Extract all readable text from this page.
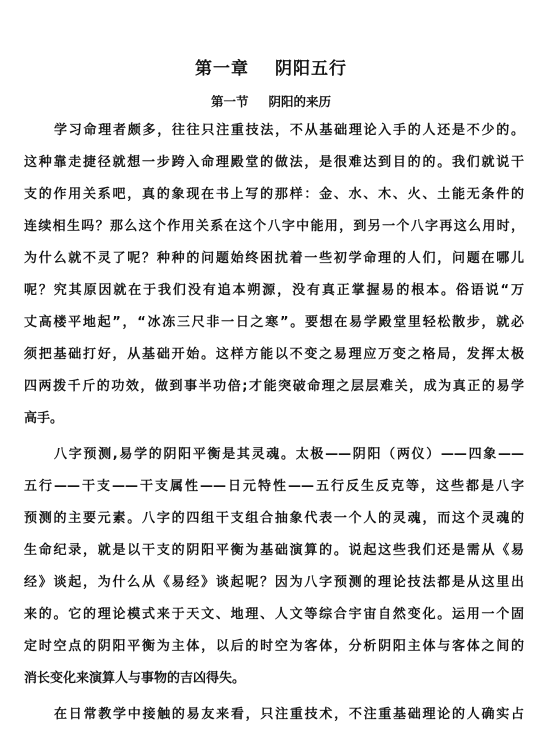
第一章 阴阳五行
第一节 阴阳的来历
学习命理者颇多，往往只注重技法，不从基础理论入手的人还是不少的。
这种靠走捷径就想一步跨入命理殿堂的做法，是很难达到目的的。我们就说干
支的作用关系吧，真的象现在书上写的那样：金、水、木、火、土能无条件的
连续相生吗？那么这个作用关系在这个八字中能用，到另一个八字再这么用时，
为什么就不灵了呢？种种的问题始终困扰着一些初学命理的人们，问题在哪儿
呢？究其原因就在于我们没有追本朔源，没有真正掌握易的根本。俗语说“万
丈高楼平地起”，“冰冻三尺非一日之寒”。要想在易学殿堂里轻松散步，就必
须把基础打好，从基础开始。这样方能以不变之易理应万变之格局，发挥太极
四两拨千斤的功效，做到事半功倍;才能突破命理之层层难关，成为真正的易学
高手。
八字预测,易学的阴阳平衡是其灵魂。太极——阴阳（两仪）——四象——
五行——干支——干支属性——日元特性——五行反生反克等，这些都是八字
预测的主要元素。八字的四组干支组合抽象代表一个人的灵魂，而这个灵魂的
生命纪录，就是以干支的阴阳平衡为基础演算的。说起这些我们还是需从《易
经》谈起，为什么从《易经》谈起呢？因为八字预测的理论技法都是从这里出
来的。它的理论模式来于天文、地理、人文等综合宇宙自然变化。运用一个固
定时空点的阴阳平衡为主体，以后的时空为客体，分析阴阳主体与客体之间的
消长变化来演算人与事物的吉凶得失。
在日常教学中接触的易友来看，只注重技术，不注重基础理论的人确实占
